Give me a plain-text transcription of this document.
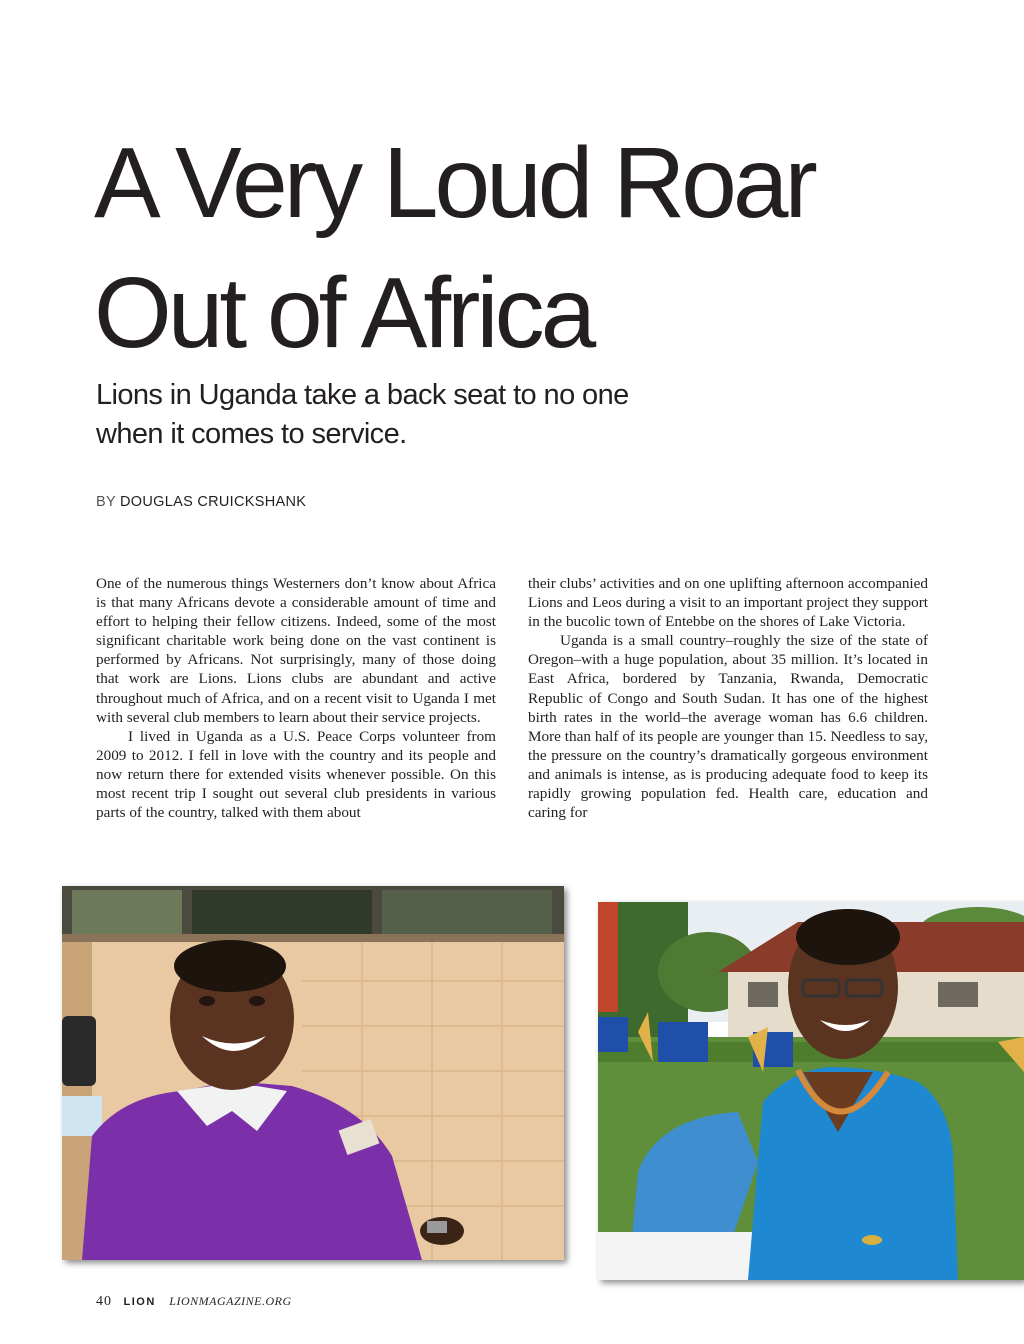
A Very Loud Roar
Out of Africa
Lions in Uganda take a back seat to no one
when it comes to service.
BY DOUGLAS CRUICKSHANK

One of the numerous things Westerners don’t know about Africa is that many Africans devote a considerable amount of time and effort to helping their fellow citizens. Indeed, some of the most significant charitable work being done on the vast continent is performed by Africans. Not surprisingly, many of those doing that work are Lions. Lions clubs are abundant and active throughout much of Africa, and on a recent visit to Uganda I met with several club members to learn about their service projects.

I lived in Uganda as a U.S. Peace Corps volunteer from 2009 to 2012. I fell in love with the country and its people and now return there for extended visits whenever possible. On this most recent trip I sought out several club presidents in various parts of the country, talked with them about

their clubs’ activities and on one uplifting afternoon accompanied Lions and Leos during a visit to an important project they support in the bucolic town of Entebbe on the shores of Lake Victoria.

Uganda is a small country–roughly the size of the state of Oregon–with a huge population, about 35 million. It’s located in East Africa, bordered by Tanzania, Rwanda, Democratic Republic of Congo and South Sudan. It has one of the highest birth rates in the world–the average woman has 6.6 children. More than half of its people are younger than 15. Needless to say, the pressure on the country’s dramatically gorgeous environment and animals is intense, as is producing adequate food to keep its rapidly growing population fed. Health care, education and caring for

40 LION LIONMAGAZINE.ORG
